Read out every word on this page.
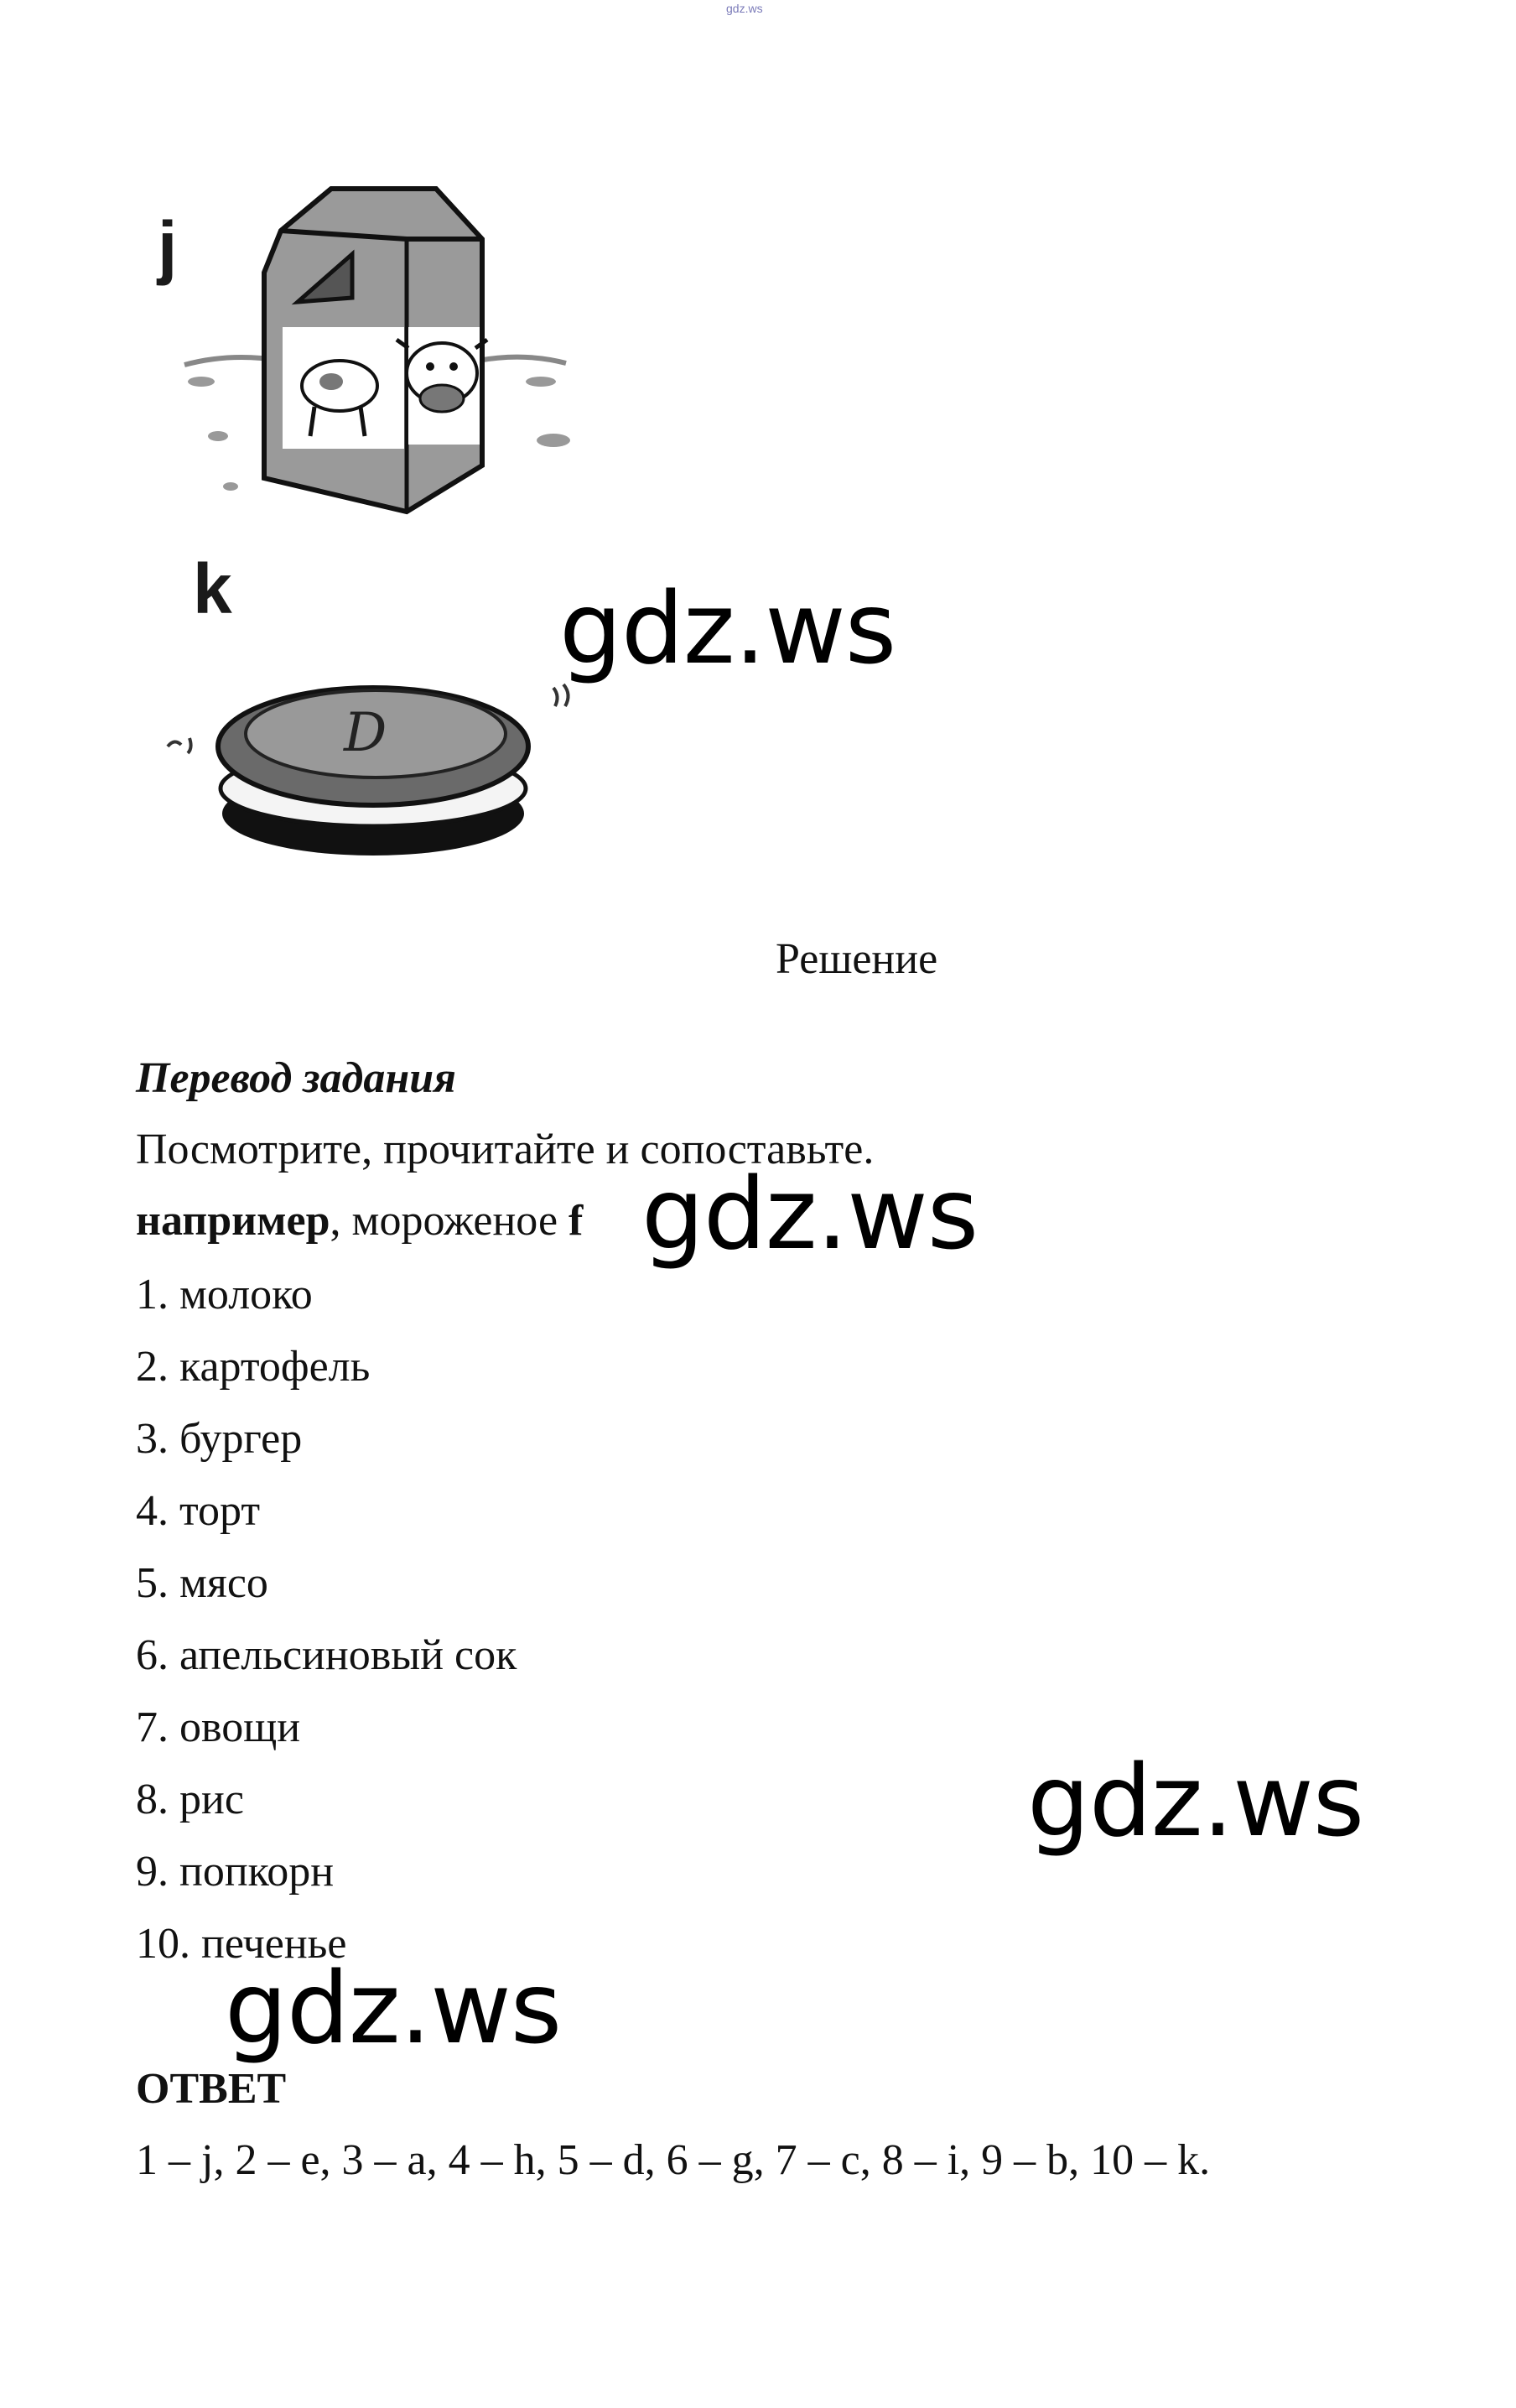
gdz.ws
j
k
D
gdz.ws
Решение
Перевод задания
Посмотрите, прочитайте и сопоставьте.
например, мороженое f gdz.ws
1. молоко
2. картофель
3. бургер
4. торт
5. мясо
6. апельсиновый сок
7. овощи
8. рис
9. попкорн
10. печенье
gdz.ws
gdz.ws
ОТВЕТ
1 – j, 2 – e, 3 – a, 4 – h, 5 – d, 6 – g, 7 – c, 8 – i, 9 – b, 10 – k.
